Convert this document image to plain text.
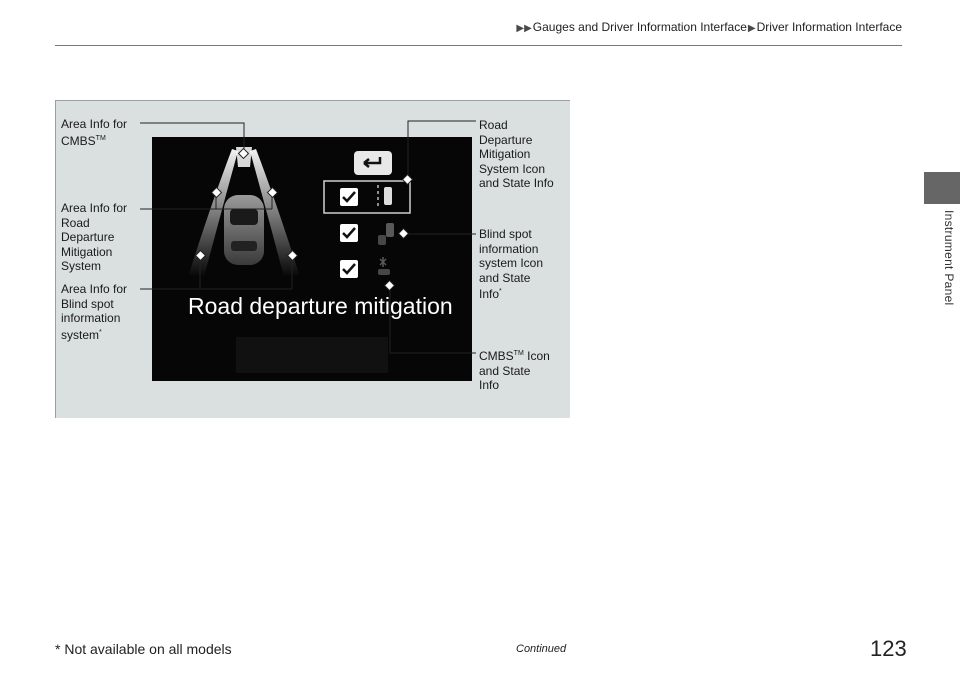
▶▶Gauges and Driver Information Interface▶Driver Information Interface
Instrument Panel
Road departure mitigation
Area Info for
CMBS™
Area Info for
Road
Departure
Mitigation
System
Area Info for
Blind spot
information
system*
Road
Departure
Mitigation
System Icon
and State Info
Blind spot
information
system Icon
and State
Info*
CMBS™ Icon
and State
Info
* Not available on all models	Continued	123
